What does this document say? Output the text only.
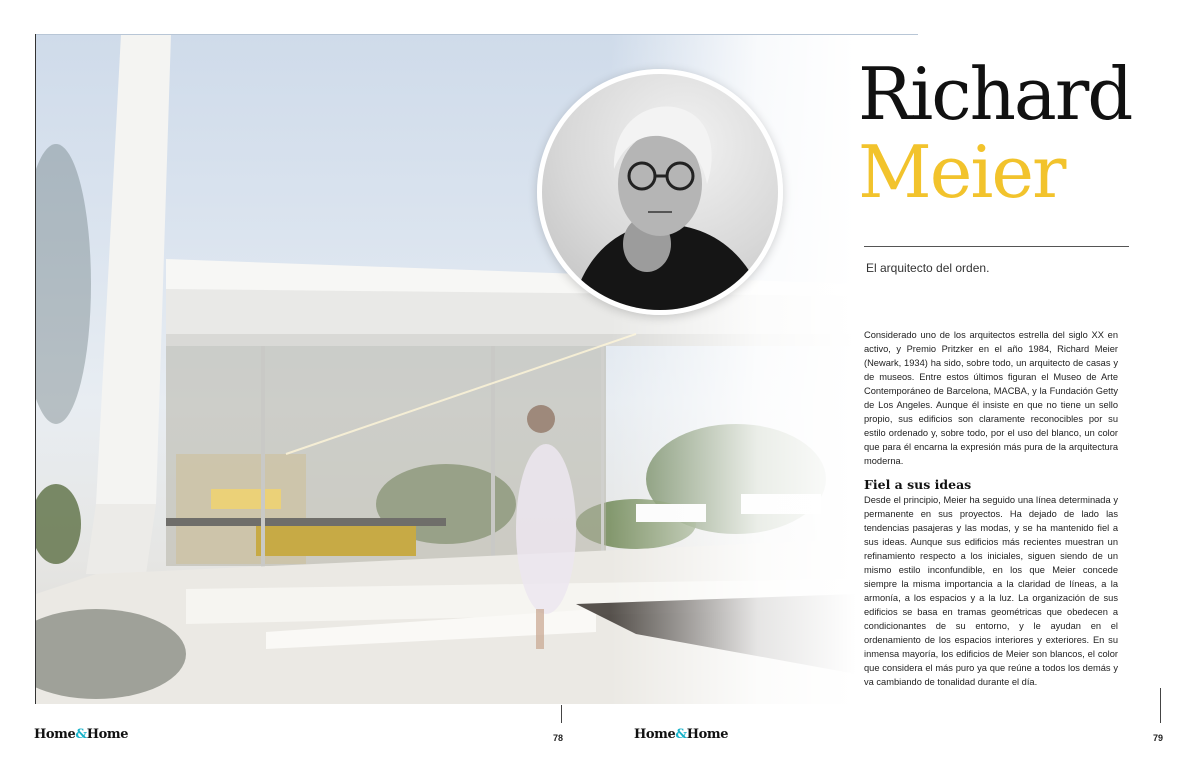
Richard
Meier

El arquitecto del orden.

Considerado uno de los arquitectos estrella del siglo XX en activo, y Premio Pritzker en el año 1984, Richard Meier (Newark, 1934) ha sido, sobre todo, un arquitecto de casas y de museos. Entre estos últimos figuran el Museo de Arte Contemporáneo de Barcelona, MACBA, y la Fundación Getty de Los Angeles. Aunque él insiste en que no tiene un sello propio, sus edificios son claramente reconocibles por su estilo ordenado y, sobre todo, por el uso del blanco, un color que para él encarna la expresión más pura de la arquitectura moderna.

Fiel a sus ideas

Desde el principio, Meier ha seguido una línea determinada y permanente en sus proyectos. Ha dejado de lado las tendencias pasajeras y las modas, y se ha mantenido fiel a sus ideas. Aunque sus edificios más recientes muestran un refinamiento respecto a los iniciales, siguen siendo de un mismo estilo inconfundible, en los que Meier concede siempre la misma importancia a la claridad de líneas, a la armonía, a los espacios y a la luz. La organización de sus edificios se basa en tramas geométricas que obedecen a condicionantes de su entorno, y le ayudan en el ordenamiento de los espacios interiores y exteriores. En su inmensa mayoría, los edificios de Meier son blancos, el color que considera el más puro ya que reúne a todos los demás y va cambiando de tonalidad durante el día.

Home&Home	78	Home&Home	79
